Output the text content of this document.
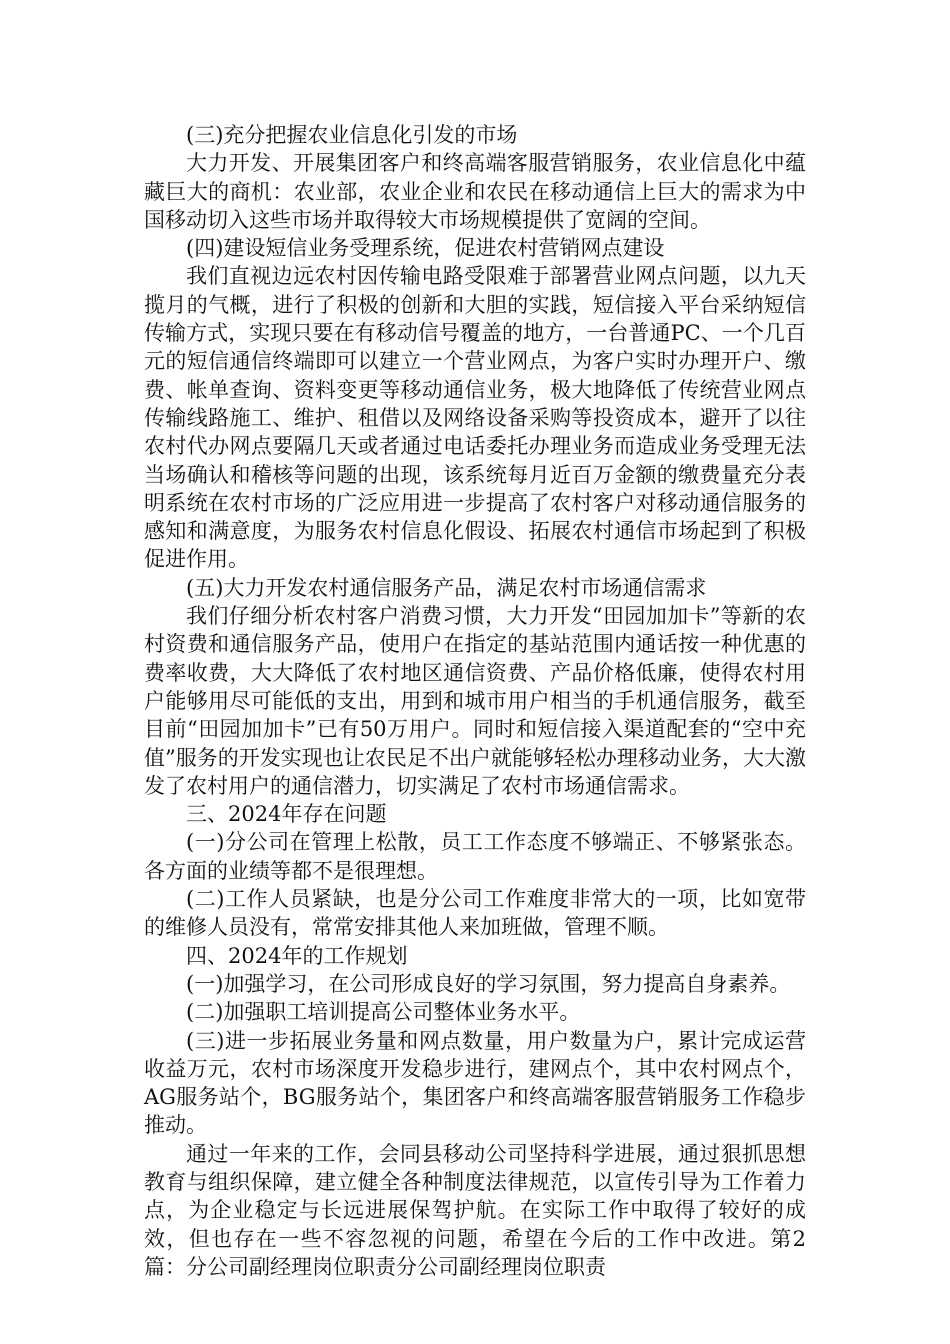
(三)充分把握农业信息化引发的市场

大力开发、开展集团客户和终高端客服营销服务，农业信息化中蕴藏巨大的商机：农业部，农业企业和农民在移动通信上巨大的需求为中国移动切入这些市场并取得较大市场规模提供了宽阔的空间。

(四)建设短信业务受理系统，促进农村营销网点建设

我们直视边远农村因传输电路受限难于部署营业网点问题，以九天揽月的气概，进行了积极的创新和大胆的实践，短信接入平台采纳短信传输方式，实现只要在有移动信号覆盖的地方，一台普通PC、一个几百元的短信通信终端即可以建立一个营业网点，为客户实时办理开户、缴费、帐单查询、资料变更等移动通信业务，极大地降低了传统营业网点传输线路施工、维护、租借以及网络设备采购等投资成本，避开了以往农村代办网点要隔几天或者通过电话委托办理业务而造成业务受理无法当场确认和稽核等问题的出现，该系统每月近百万金额的缴费量充分表明系统在农村市场的广泛应用进一步提高了农村客户对移动通信服务的感知和满意度，为服务农村信息化假设、拓展农村通信市场起到了积极促进作用。

(五)大力开发农村通信服务产品，满足农村市场通信需求

我们仔细分析农村客户消费习惯，大力开发“田园加加卡”等新的农村资费和通信服务产品，使用户在指定的基站范围内通话按一种优惠的费率收费，大大降低了农村地区通信资费、产品价格低廉，使得农村用户能够用尽可能低的支出，用到和城市用户相当的手机通信服务，截至目前“田园加加卡”已有50万用户。同时和短信接入渠道配套的“空中充值”服务的开发实现也让农民足不出户就能够轻松办理移动业务，大大激发了农村用户的通信潜力，切实满足了农村市场通信需求。

三、2024年存在问题

(一)分公司在管理上松散，员工工作态度不够端正、不够紧张态。各方面的业绩等都不是很理想。

(二)工作人员紧缺，也是分公司工作难度非常大的一项，比如宽带的维修人员没有，常常安排其他人来加班做，管理不顺。

四、2024年的工作规划

(一)加强学习，在公司形成良好的学习氛围，努力提高自身素养。

(二)加强职工培训提高公司整体业务水平。

(三)进一步拓展业务量和网点数量，用户数量为户，累计完成运营收益万元，农村市场深度开发稳步进行，建网点个，其中农村网点个，AG服务站个，BG服务站个，集团客户和终高端客服营销服务工作稳步推动。

通过一年来的工作，会同县移动公司坚持科学进展，通过狠抓思想教育与组织保障，建立健全各种制度法律规范，以宣传引导为工作着力点，为企业稳定与长远进展保驾护航。在实际工作中取得了较好的成效，但也存在一些不容忽视的问题，希望在今后的工作中改进。第2篇：分公司副经理岗位职责分公司副经理岗位职责
